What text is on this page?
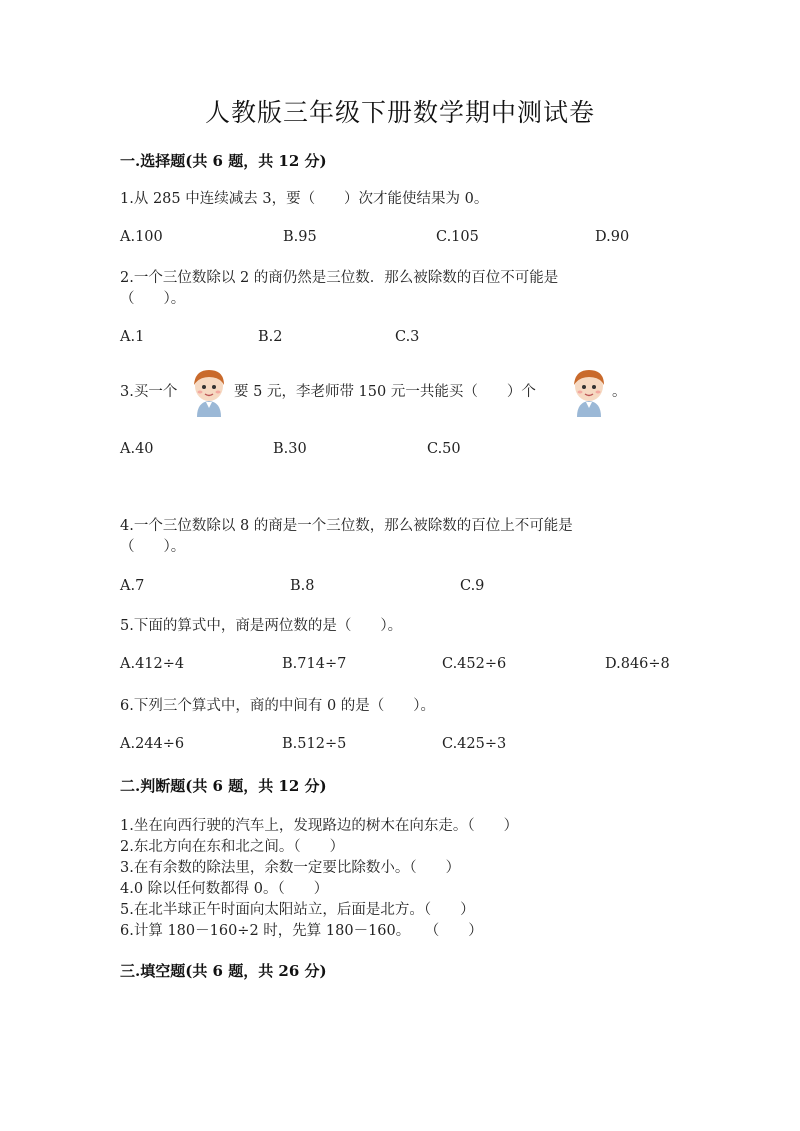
人教版三年级下册数学期中测试卷
一.选择题(共 6 题，共 12 分)
1.从 285 中连续减去 3，要（　　）次才能使结果为 0。
A.100	B.95	C.105	D.90
2.一个三位数除以 2 的商仍然是三位数．那么被除数的百位不可能是
（　　）。
A.1	B.2	C.3
3.买一个	要 5 元，李老师带 150 元一共能买（　　）个	。
A.40	B.30	C.50
4.一个三位数除以 8 的商是一个三位数，那么被除数的百位上不可能是
（　　）。
A.7	B.8	C.9
5.下面的算式中，商是两位数的是（　　）。
A.412÷4	B.714÷7	C.452÷6	D.846÷8
6.下列三个算式中，商的中间有 0 的是（　　）。
A.244÷6	B.512÷5	C.425÷3
二.判断题(共 6 题，共 12 分)
1.坐在向西行驶的汽车上，发现路边的树木在向东走。（　　）
2.东北方向在东和北之间。（　　）
3.在有余数的除法里，余数一定要比除数小。（　　）
4.0 除以任何数都得 0。（　　）
5.在北半球正午时面向太阳站立，后面是北方。（　　）
6.计算 180－160÷2 时，先算 180－160。　　（　　）
三.填空题(共 6 题，共 26 分)
